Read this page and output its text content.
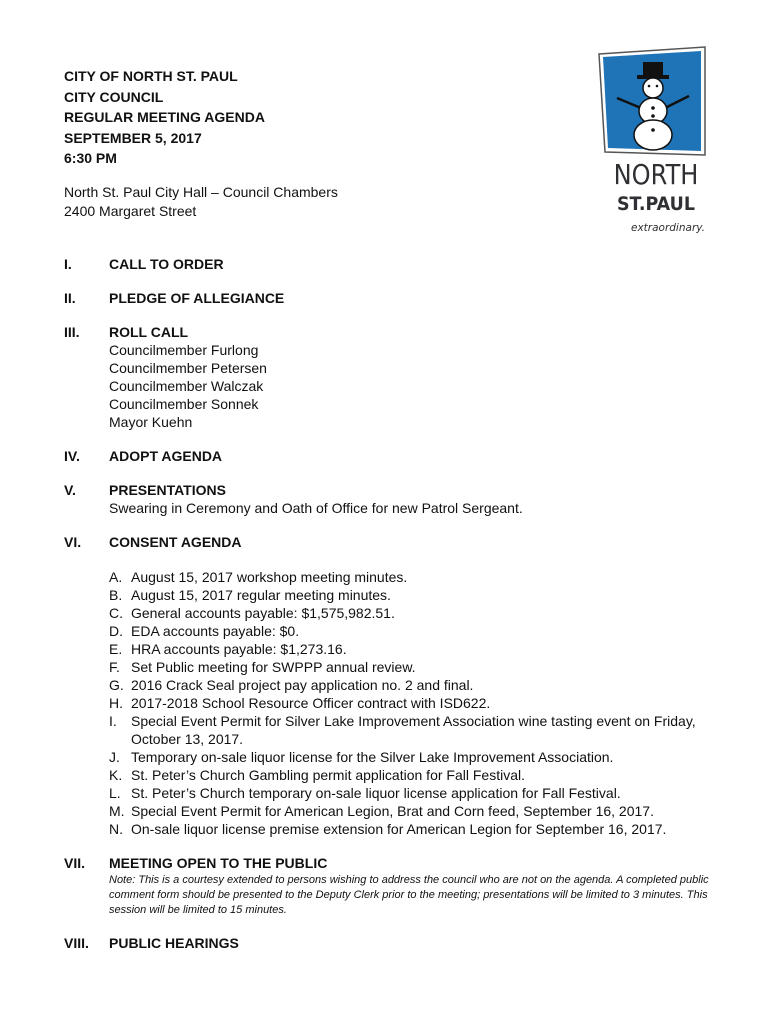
CITY OF NORTH ST. PAUL
CITY COUNCIL
REGULAR MEETING AGENDA
SEPTEMBER 5, 2017
6:30 PM
North St. Paul City Hall – Council Chambers
2400 Margaret Street
NORTH
ST.PAUL
extraordinary.
I.	CALL TO ORDER
II.	PLEDGE OF ALLEGIANCE
III.	ROLL CALL
Councilmember Furlong
Councilmember Petersen
Councilmember Walczak
Councilmember Sonnek
Mayor Kuehn
IV.	ADOPT AGENDA
V.	PRESENTATIONS
Swearing in Ceremony and Oath of Office for new Patrol Sergeant.
VI.	CONSENT AGENDA
A. August 15, 2017 workshop meeting minutes.
B. August 15, 2017 regular meeting minutes.
C. General accounts payable: $1,575,982.51.
D. EDA accounts payable: $0.
E. HRA accounts payable: $1,273.16.
F. Set Public meeting for SWPPP annual review.
G. 2016 Crack Seal project pay application no. 2 and final.
H. 2017-2018 School Resource Officer contract with ISD622.
I. Special Event Permit for Silver Lake Improvement Association wine tasting event on Friday, October 13, 2017.
J. Temporary on-sale liquor license for the Silver Lake Improvement Association.
K. St. Peter’s Church Gambling permit application for Fall Festival.
L. St. Peter’s Church temporary on-sale liquor license application for Fall Festival.
M. Special Event Permit for American Legion, Brat and Corn feed, September 16, 2017.
N. On-sale liquor license premise extension for American Legion for September 16, 2017.
VII.	MEETING OPEN TO THE PUBLIC
Note: This is a courtesy extended to persons wishing to address the council who are not on the agenda. A completed public comment form should be presented to the Deputy Clerk prior to the meeting; presentations will be limited to 3 minutes. This session will be limited to 15 minutes.
VIII.	PUBLIC HEARINGS
